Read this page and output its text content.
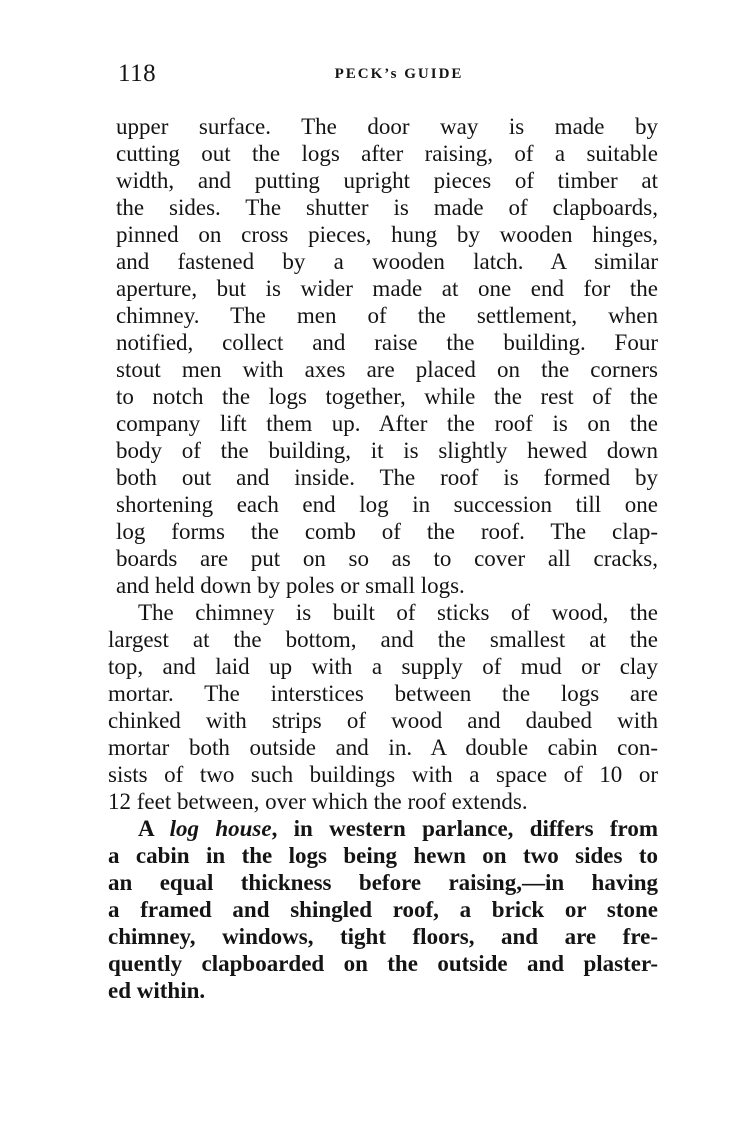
118	PECK’s GUIDE
upper surface. The door way is made by
cutting out the logs after raising, of a suitable
width, and putting upright pieces of timber at
the sides. The shutter is made of clapboards,
pinned on cross pieces, hung by wooden hinges,
and fastened by a wooden latch. A similar
aperture, but is wider made at one end for the
chimney. The men of the settlement, when
notified, collect and raise the building. Four
stout men with axes are placed on the corners
to notch the logs together, while the rest of the
company lift them up. After the roof is on the
body of the building, it is slightly hewed down
both out and inside. The roof is formed by
shortening each end log in succession till one
log forms the comb of the roof. The clap-
boards are put on so as to cover all cracks,
and held down by poles or small logs.
The chimney is built of sticks of wood, the
largest at the bottom, and the smallest at the
top, and laid up with a supply of mud or clay
mortar. The interstices between the logs are
chinked with strips of wood and daubed with
mortar both outside and in. A double cabin con-
sists of two such buildings with a space of 10 or
12 feet between, over which the roof extends.
A log house, in western parlance, differs from
a cabin in the logs being hewn on two sides to
an equal thickness before raising,—in having
a framed and shingled roof, a brick or stone
chimney, windows, tight floors, and are fre-
quently clapboarded on the outside and plaster-
ed within.
